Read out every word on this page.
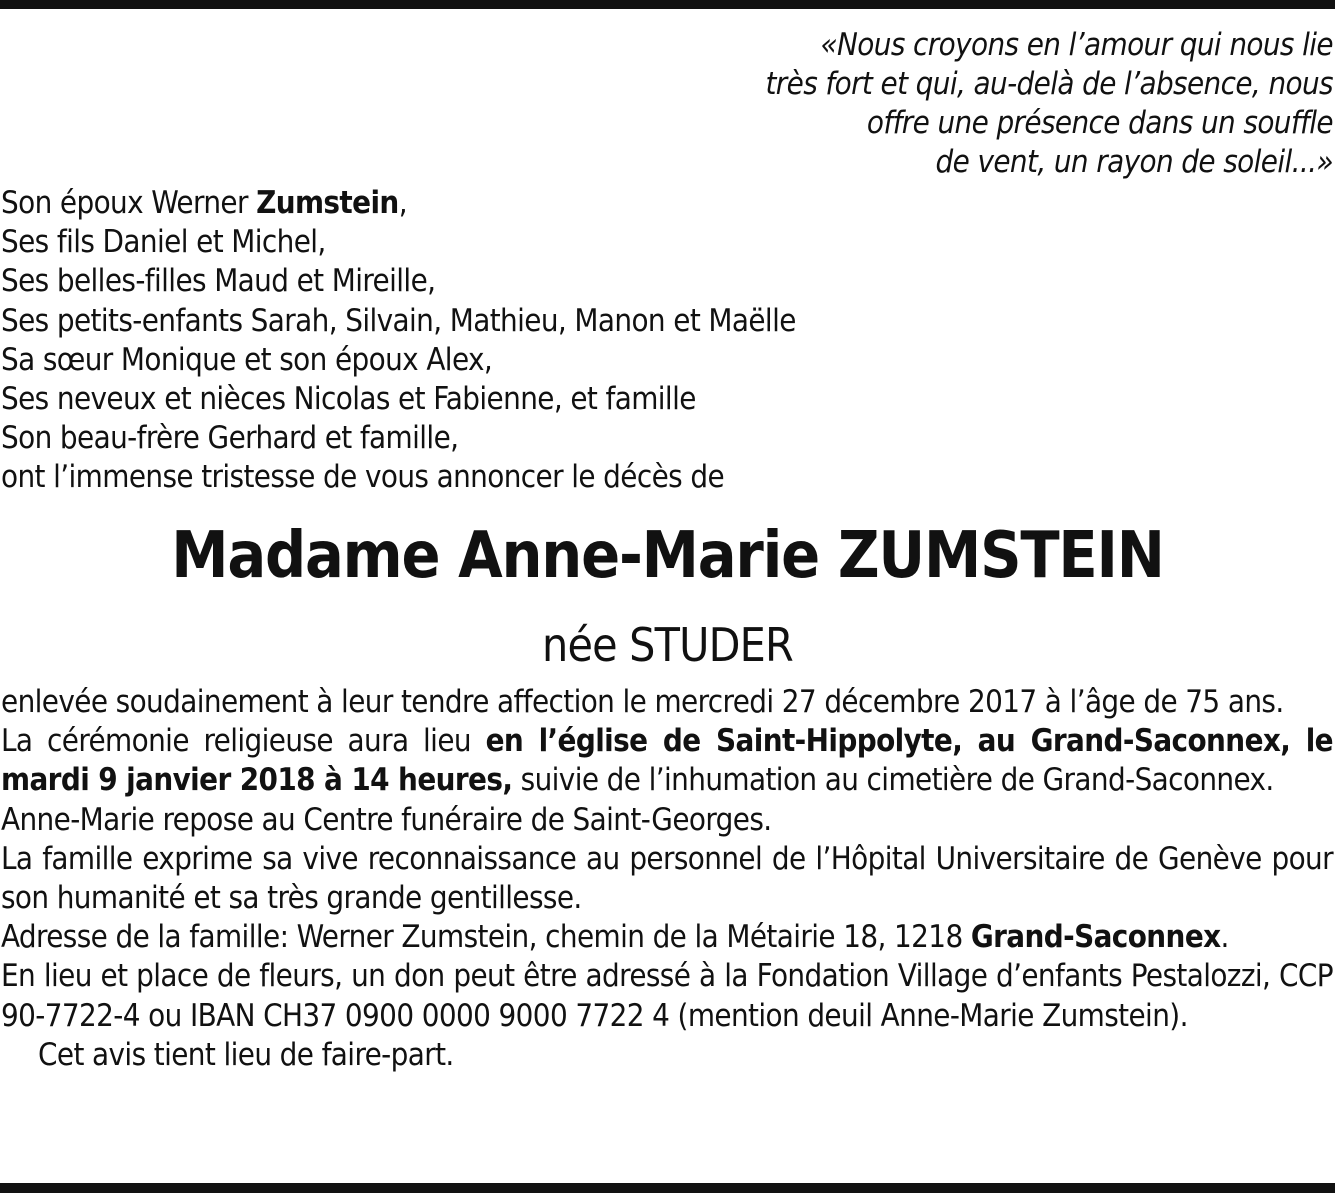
«Nous croyons en l’amour qui nous lie
très fort et qui, au-delà de l’absence, nous
offre une présence dans un souffle
de vent, un rayon de soleil...»
Son époux Werner Zumstein,
Ses fils Daniel et Michel,
Ses belles-filles Maud et Mireille,
Ses petits-enfants Sarah, Silvain, Mathieu, Manon et Maëlle
Sa sœur Monique et son époux Alex,
Ses neveux et nièces Nicolas et Fabienne, et famille
Son beau-frère Gerhard et famille,
ont l’immense tristesse de vous annoncer le décès de
Madame Anne-Marie ZUMSTEIN
née STUDER

enlevée soudainement à leur tendre affection le mercredi 27 décembre 2017 à l’âge de 75 ans.

La cérémonie religieuse aura lieu en l’église de Saint-Hippolyte, au Grand-Saconnex, le mardi 9 janvier 2018 à 14 heures, suivie de l’inhumation au cimetière de Grand-Saconnex.

Anne-Marie repose au Centre funéraire de Saint-Georges.

La famille exprime sa vive reconnaissance au personnel de l’Hôpital Universitaire de Genève pour son humanité et sa très grande gentillesse.

Adresse de la famille: Werner Zumstein, chemin de la Métairie 18, 1218 Grand-Saconnex.

En lieu et place de fleurs, un don peut être adressé à la Fondation Village d’enfants Pestalozzi, CCP 90-7722-4 ou IBAN CH37 0900 0000 9000 7722 4 (mention deuil Anne-Marie Zumstein).

Cet avis tient lieu de faire-part.
